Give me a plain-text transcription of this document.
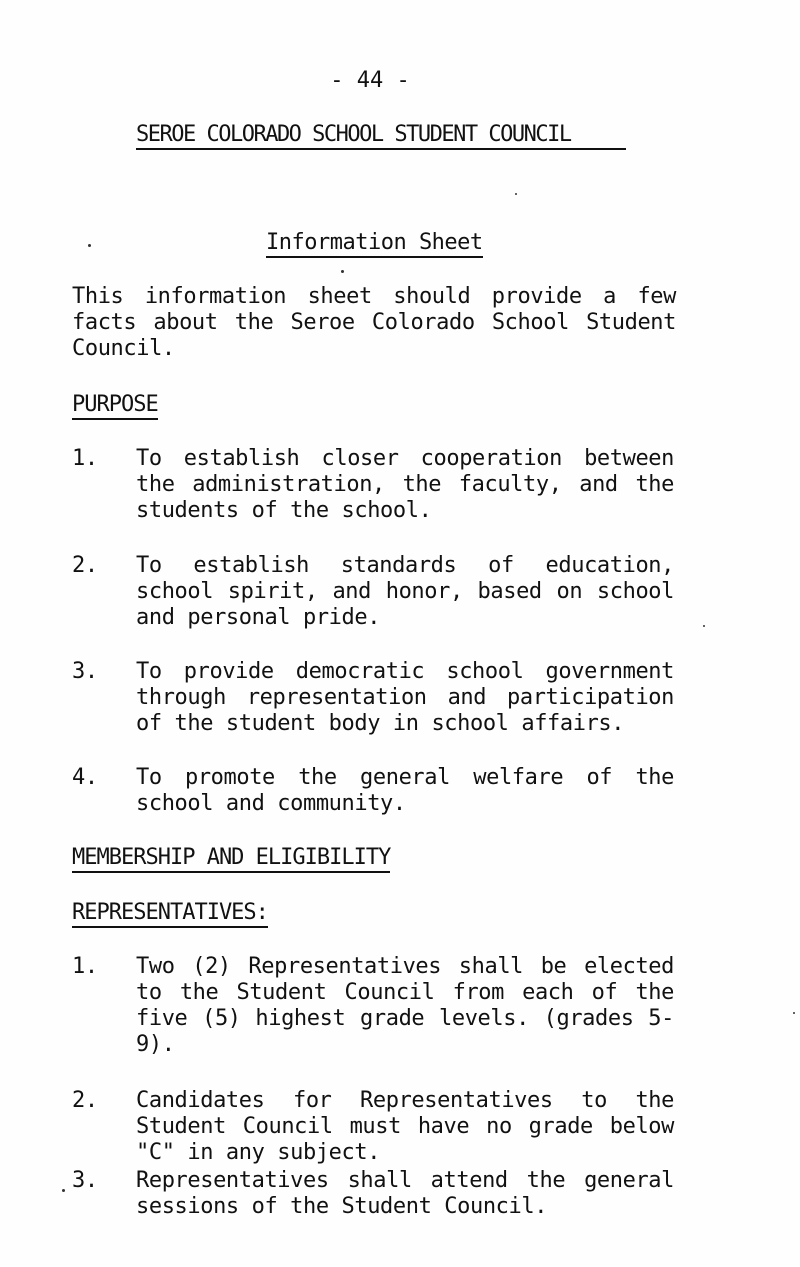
- 44 -
SEROE COLORADO SCHOOL STUDENT COUNCIL
Information Sheet
This information sheet should provide a few facts about the Seroe Colorado School Student Council.
PURPOSE
1. To establish closer cooperation between the administration, the faculty, and the students of the school.
2. To establish standards of education, school spirit, and honor, based on school and personal pride.
3. To provide democratic school government through representation and participation of the student body in school affairs.
4. To promote the general welfare of the school and community.
MEMBERSHIP AND ELIGIBILITY
REPRESENTATIVES:
1. Two (2) Representatives shall be elected to the Student Council from each of the five (5) highest grade levels. (grades 5-9).
2. Candidates for Representatives to the Student Council must have no grade below "C" in any subject.
3. Representatives shall attend the general sessions of the Student Council.
